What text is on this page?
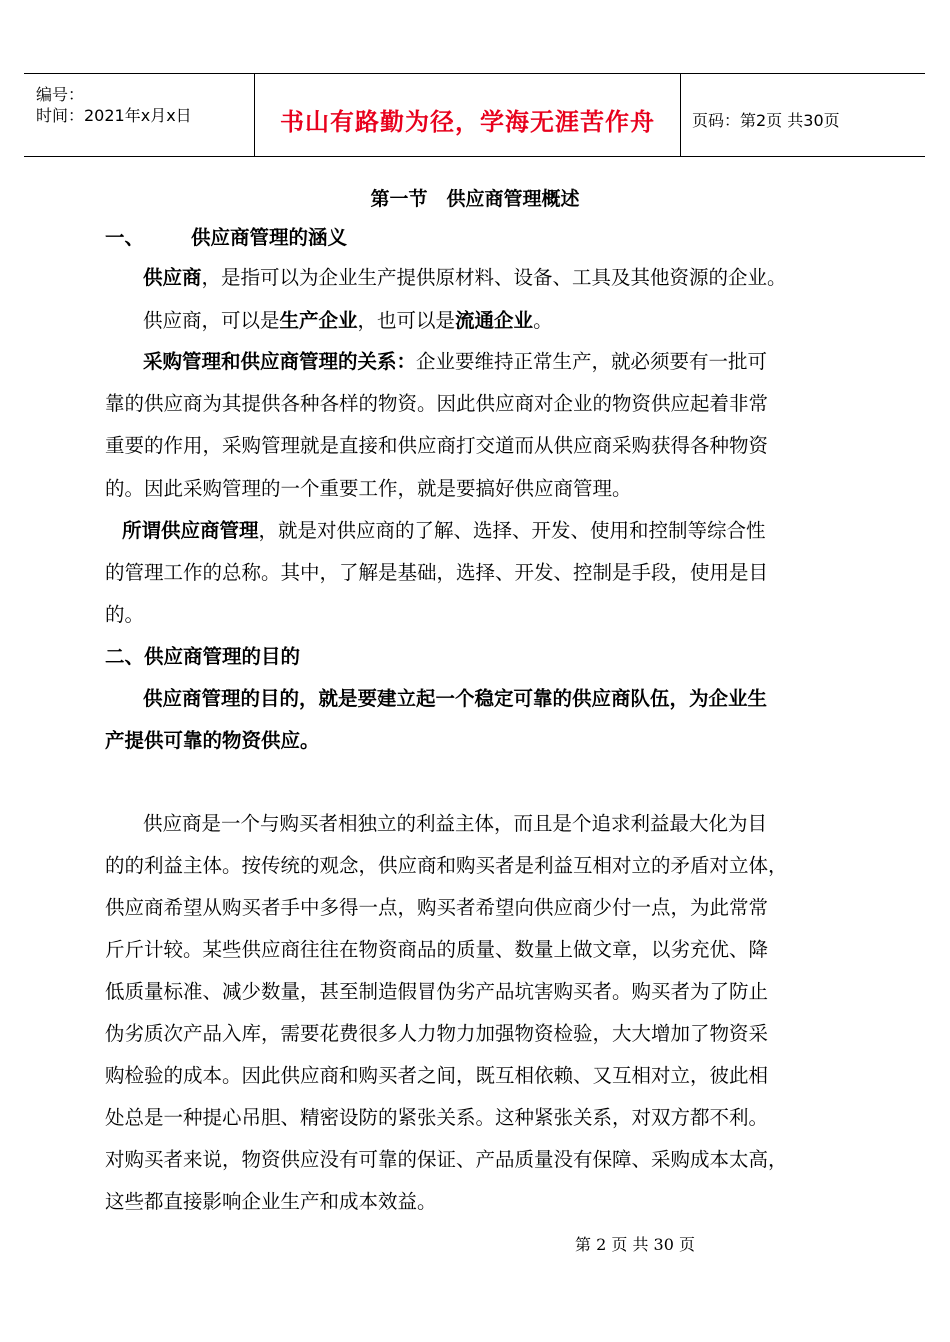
编号：
时间：2021年x月x日	书山有路勤为径，学海无涯苦作舟	页码：第2页 共30页
第一节　供应商管理概述
一、 供应商管理的涵义
供应商，是指可以为企业生产提供原材料、设备、工具及其他资源的企业。
供应商，可以是生产企业，也可以是流通企业。
采购管理和供应商管理的关系：企业要维持正常生产，就必须要有一批可
靠的供应商为其提供各种各样的物资。因此供应商对企业的物资供应起着非常
重要的作用，采购管理就是直接和供应商打交道而从供应商采购获得各种物资
的。因此采购管理的一个重要工作，就是要搞好供应商管理。
所谓供应商管理，就是对供应商的了解、选择、开发、使用和控制等综合性
的管理工作的总称。其中，了解是基础，选择、开发、控制是手段，使用是目
的。
二、供应商管理的目的
供应商管理的目的，就是要建立起一个稳定可靠的供应商队伍，为企业生
产提供可靠的物资供应。
供应商是一个与购买者相独立的利益主体，而且是个追求利益最大化为目
的的利益主体。按传统的观念，供应商和购买者是利益互相对立的矛盾对立体，
供应商希望从购买者手中多得一点，购买者希望向供应商少付一点，为此常常
斤斤计较。某些供应商往往在物资商品的质量、数量上做文章，以劣充优、降
低质量标准、减少数量，甚至制造假冒伪劣产品坑害购买者。购买者为了防止
伪劣质次产品入库，需要花费很多人力物力加强物资检验，大大增加了物资采
购检验的成本。因此供应商和购买者之间，既互相依赖、又互相对立，彼此相
处总是一种提心吊胆、精密设防的紧张关系。这种紧张关系，对双方都不利。
对购买者来说，物资供应没有可靠的保证、产品质量没有保障、采购成本太高，
这些都直接影响企业生产和成本效益。
第 2 页 共 30 页
